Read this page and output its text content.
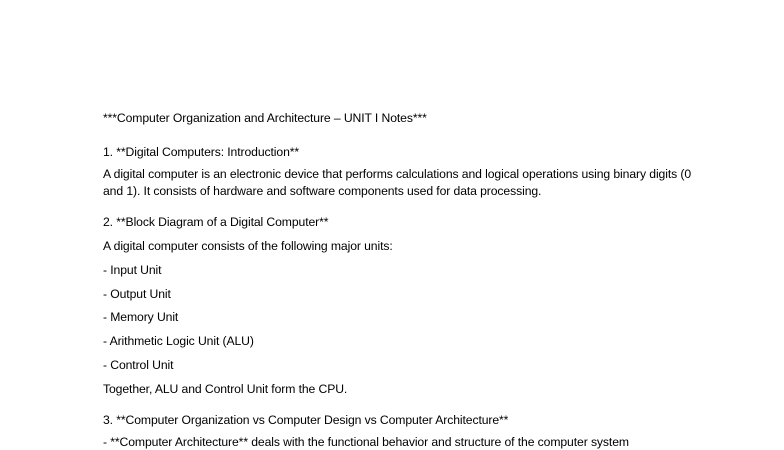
***Computer Organization and Architecture – UNIT I Notes***
1. **Digital Computers: Introduction**
A digital computer is an electronic device that performs calculations and logical operations using binary digits (0 and 1). It consists of hardware and software components used for data processing.
2. **Block Diagram of a Digital Computer**
A digital computer consists of the following major units:
- Input Unit
- Output Unit
- Memory Unit
- Arithmetic Logic Unit (ALU)
- Control Unit
Together, ALU and Control Unit form the CPU.
3. **Computer Organization vs Computer Design vs Computer Architecture**
- **Computer Architecture** deals with the functional behavior and structure of the computer system
